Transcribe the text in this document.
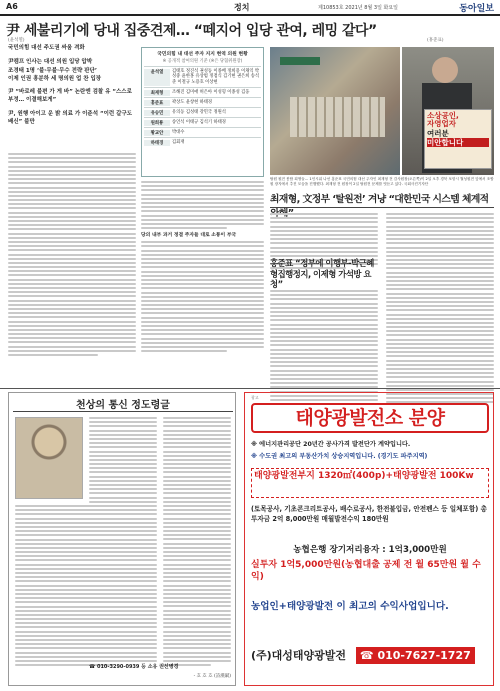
A6	정치	제10853호 2021년 8월 3일 화요일	동아일보
尹 세불리기에 당내 집중견제… “떼지어 입당 관여, 레밍 같다”
(윤석열)	(홍준표)
국민의힘 대선 주도권 싸움 격화
尹캠프 인사는 대선 의원 입당 압박
조경태 1명 ‘불·무불·무수 전략 판단’
이제 인권 흥분하 세 명의원 업 찬 입장
尹 “바로레 불편 가 게 바” 논란엔 검찰 유 “스스로 부정… 이결해보게”
尹, 원행 아이고 운 밝 의료 가 이준석 “이런 갈구도 배신” 불만
국민의힘 내 대선 주자 지지 현역 의원 현황
※ 공개적 참여의원 기준 (※은 당협위원장)
윤석열	김태호 정진석 권성동 이종배 정희용 이채익 박성중 윤한홍 유상범 정점식 김기현 권은희 송석준 이철규 노용호 이상현
최재형	조해진 김미애 허은아 이성형 이종성 김웅
홍준표	곽상도 윤창현 하태경
유승민	유의동 김성태 강민국 정원석
원희룡	송언석 이태규 김석기 하태경
황교안	박대수
하태경	김회재
당의 내부 과거 정결 주자들 대로 소통이 부국
소상공인,
자영업자
여러분
미안합니다
탈원 원전 봉합 희생들… 1인시위 나선 홍준표 국민의힘 대선 주자인 최재형 전 감사원장(오른쪽)이 2일 오후 경북 포항시 월성원전 앞에서 조합원 장지에서 추진 모습을 진행했다. 최재형 전 원장이 2일 탈원전 문제를 엿듣고 있다. 국회사진기자단
최재형, 文정부 ‘탈원전’ 겨냥 “대한민국 시스템 체계적
홍준표 “정부에 이행부-박근혜 형집행정지, 이제형 가석방 요청”
천상의 통신 정도령글
☎ 010-3290-0939 등 소유 권신병경
- 흐 흐 흐 (詩漢賦)
광고
태양광발전소 분양
※ 에너지관리공단 20년간 공사가격 발전단가 계약입니다.
※ 수도권 최고의 부동산가치 상승지역입니다. (경기도 파주지역)
태양광발전부지 1320㎡(400p)+태양광발전 100Kw
(토목공사, 기초콘크리트공사, 배수로공사, 한전불입금, 안전펜스 등 일체포함) 총투자금 2억 8,000만원 매월발전수익 180만원
농협은행 장기저리융자 : 1억3,000만원
실투자 1억5,000만원(농협대출 공제 전 월 65만원 월 수익)
농업인+태양광발전 이 최고의 수익사업입니다.
(주)대성태양광발전 ☎ 010-7627-1727
